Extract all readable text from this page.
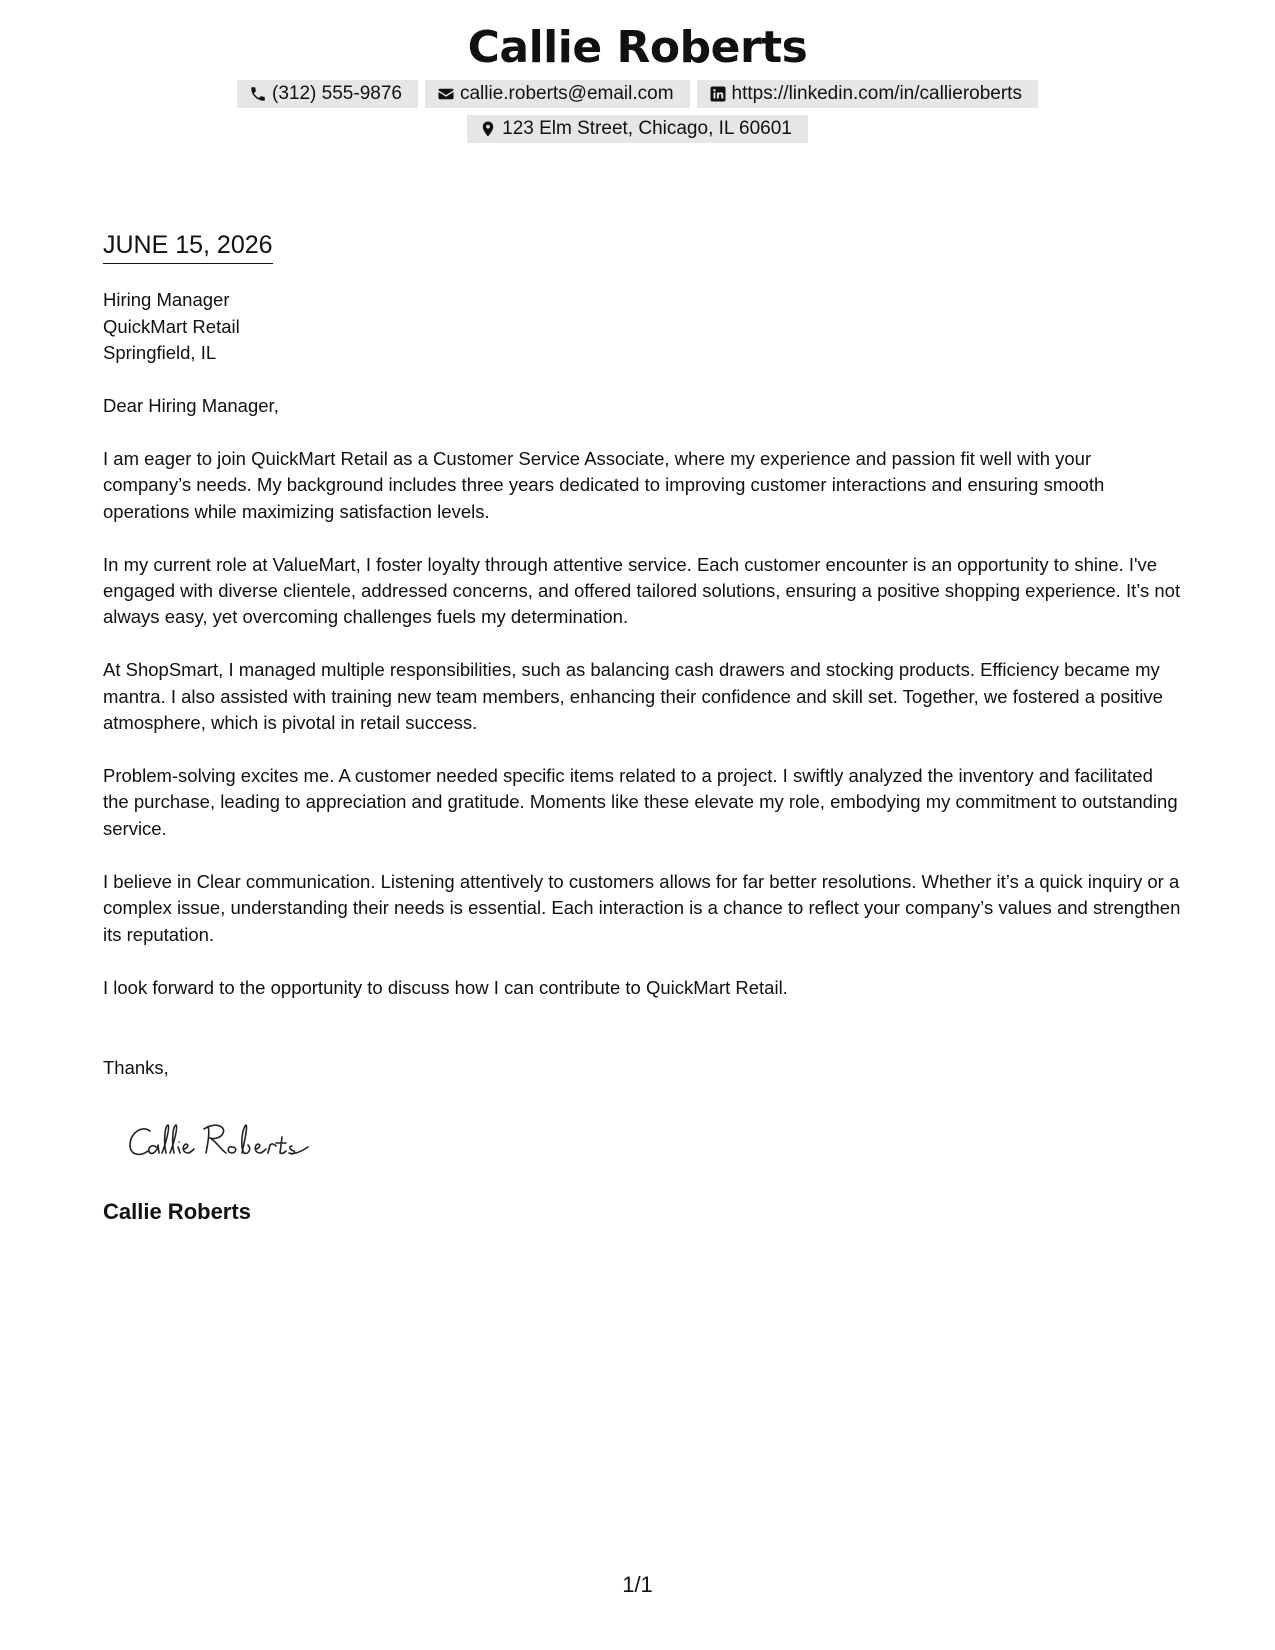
Callie Roberts
(312) 555-9876	callie.roberts@email.com	https://linkedin.com/in/callieroberts
123 Elm Street, Chicago, IL 60601
JUNE 15, 2026
Hiring Manager
QuickMart Retail
Springfield, IL

Dear Hiring Manager,

I am eager to join QuickMart Retail as a Customer Service Associate, where my experience and passion fit well with your company’s needs. My background includes three years dedicated to improving customer interactions and ensuring smooth operations while maximizing satisfaction levels.

In my current role at ValueMart, I foster loyalty through attentive service. Each customer encounter is an opportunity to shine. I've engaged with diverse clientele, addressed concerns, and offered tailored solutions, ensuring a positive shopping experience. It’s not always easy, yet overcoming challenges fuels my determination.

At ShopSmart, I managed multiple responsibilities, such as balancing cash drawers and stocking products. Efficiency became my mantra. I also assisted with training new team members, enhancing their confidence and skill set. Together, we fostered a positive atmosphere, which is pivotal in retail success.

Problem-solving excites me. A customer needed specific items related to a project. I swiftly analyzed the inventory and facilitated the purchase, leading to appreciation and gratitude. Moments like these elevate my role, embodying my commitment to outstanding service.

I believe in Clear communication. Listening attentively to customers allows for far better resolutions. Whether it’s a quick inquiry or a complex issue, understanding their needs is essential. Each interaction is a chance to reflect your company’s values and strengthen its reputation.

I look forward to the opportunity to discuss how I can contribute to QuickMart Retail.

Thanks,
Callie Roberts
1/1
